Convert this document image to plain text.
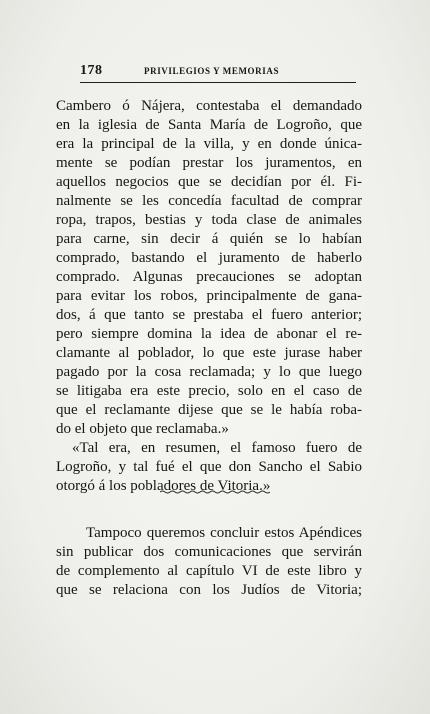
178	PRIVILEGIOS Y MEMORIAS
Cambero ó Nájera, contestaba el demandado
en la iglesia de Santa María de Logroño, que
era la principal de la villa, y en donde única-
mente se podían prestar los juramentos, en
aquellos negocios que se decidían por él. Fi-
nalmente se les concedía facultad de comprar
ropa, trapos, bestias y toda clase de animales
para carne, sin decir á quién se lo habían
comprado, bastando el juramento de haberlo
comprado. Algunas precauciones se adoptan
para evitar los robos, principalmente de gana-
dos, á que tanto se prestaba el fuero anterior;
pero siempre domina la idea de abonar el re-
clamante al poblador, lo que este jurase haber
pagado por la cosa reclamada; y lo que luego
se litigaba era este precio, solo en el caso de
que el reclamante dijese que se le había roba-
do el objeto que reclamaba.»
«Tal era, en resumen, el famoso fuero de
Logroño, y tal fué el que don Sancho el Sabio
otorgó á los pobladores de Vitoria.»
Tampoco queremos concluir estos Apéndices
sin publicar dos comunicaciones que servirán
de complemento al capítulo VI de este libro y
que se relaciona con los Judíos de Vitoria;
